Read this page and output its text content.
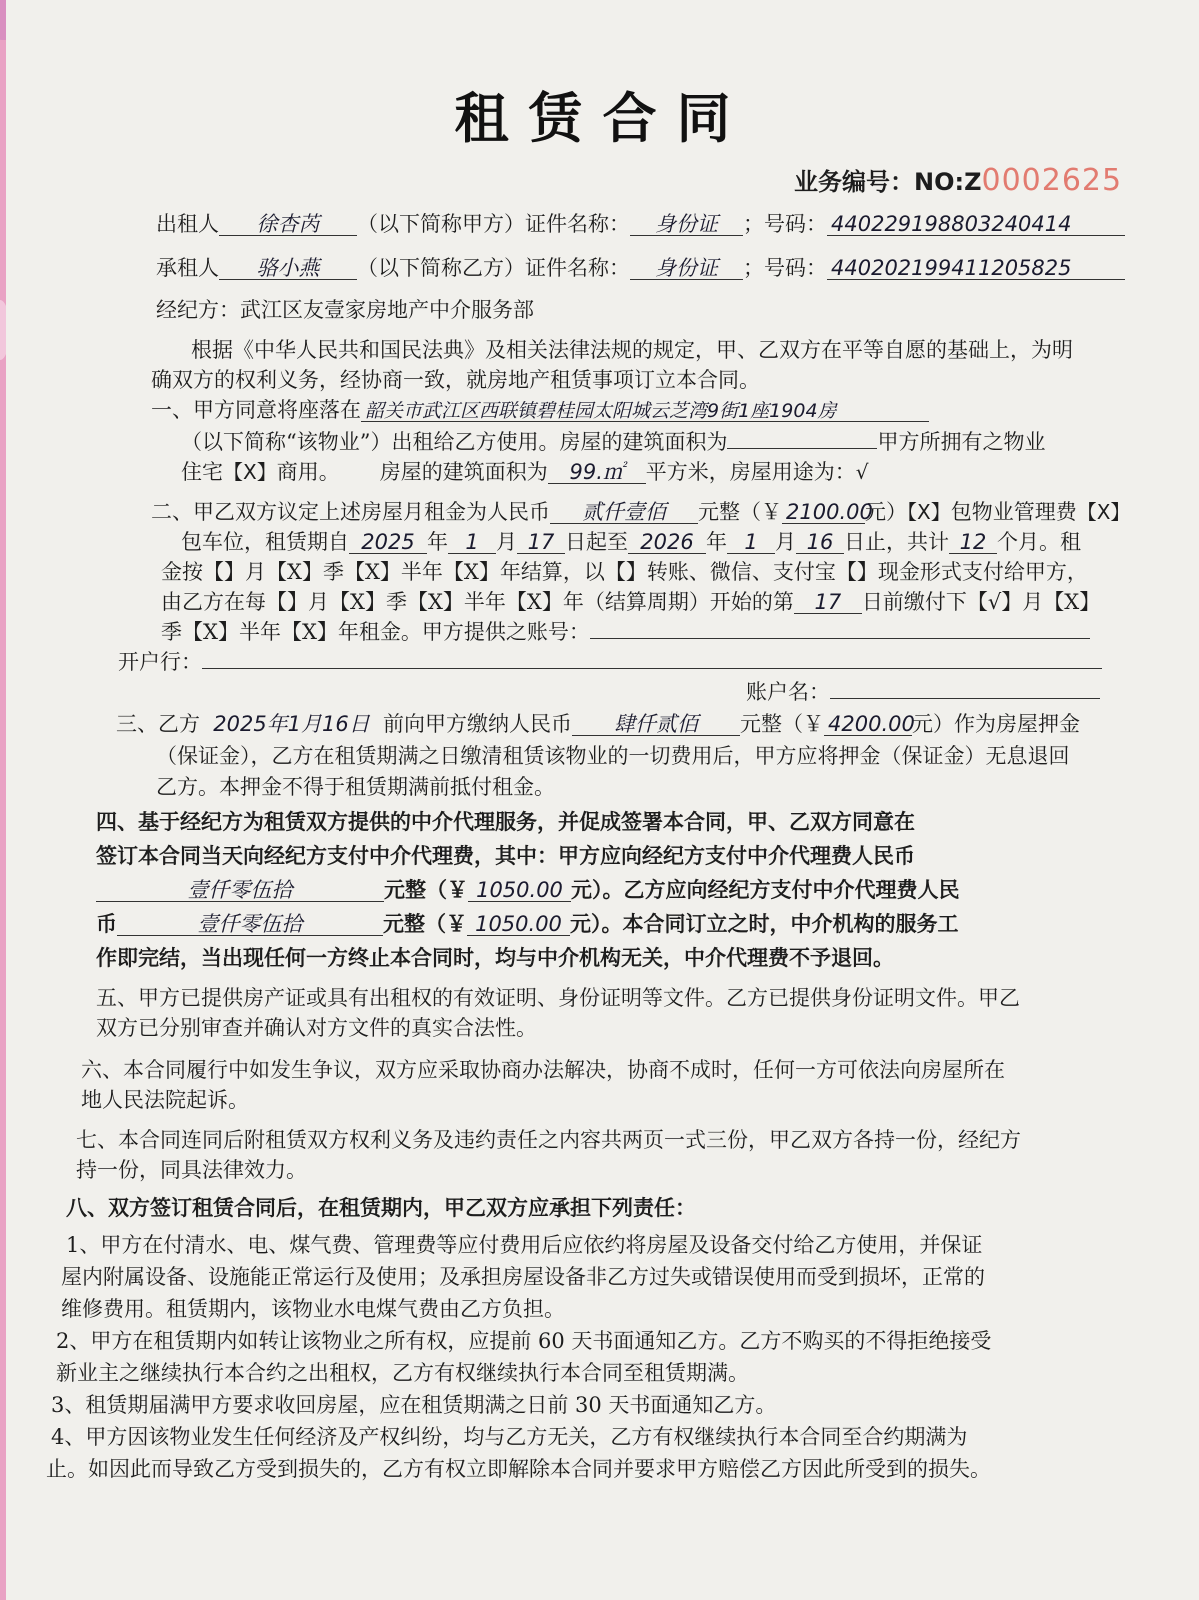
租赁合同
业务编号：NO:Z0002625
出租人 徐杏芮 （以下简称甲方）证件名称： 身份证 ；号码： 440229198803240414
承租人 骆小燕 （以下简称乙方）证件名称： 身份证 ；号码： 440202199411205825
经纪方：武江区友壹家房地产中介服务部
根据《中华人民共和国民法典》及相关法律法规的规定，甲、乙双方在平等自愿的基础上，为明
确双方的权利义务，经协商一致，就房地产租赁事项订立本合同。
一、甲方同意将座落在 韶关市武江区西联镇碧桂园太阳城云芝湾9街1座1904房
（以下简称“该物业”）出租给乙方使用。房屋的建筑面积为	甲方所拥有之物业
住宅【X】商用。 房屋的建筑面积为 99.㎡ 平方米，房屋用途为：√
二、甲乙双方议定上述房屋月租金为人民币 贰仟壹佰 元整（￥ 2100.00元）【X】包物业管理费【X】
包车位，租赁期自 2025 年 1 月 17 日起至 2026 年 1 月 16 日止，共计 12 个月。租
金按【】月【X】季【X】半年【X】年结算，以【】转账、微信、支付宝【】现金形式支付给甲方，
由乙方在每【】月【X】季【X】半年【X】年（结算周期）开始的第 17 日前缴付下【√】月【X】
季【X】半年【X】年租金。甲方提供之账号：
开户行：
账户名：
三、乙方 2025年1月16日 前向甲方缴纳人民币 肆仟贰佰 元整（￥ 4200.00元）作为房屋押金
（保证金），乙方在租赁期满之日缴清租赁该物业的一切费用后，甲方应将押金（保证金）无息退回
乙方。本押金不得于租赁期满前抵付租金。
四、基于经纪方为租赁双方提供的中介代理服务，并促成签署本合同，甲、乙双方同意在
签订本合同当天向经纪方支付中介代理费，其中：甲方应向经纪方支付中介代理费人民币
壹仟零伍拾	元整（￥ 1050.00 元）。乙方应向经纪方支付中介代理费人民
币	壹仟零伍拾	元整（￥ 1050.00 元）。本合同订立之时，中介机构的服务工
作即完结，当出现任何一方终止本合同时，均与中介机构无关，中介代理费不予退回。
五、甲方已提供房产证或具有出租权的有效证明、身份证明等文件。乙方已提供身份证明文件。甲乙
双方已分别审查并确认对方文件的真实合法性。
六、本合同履行中如发生争议，双方应采取协商办法解决，协商不成时，任何一方可依法向房屋所在
地人民法院起诉。
七、本合同连同后附租赁双方权利义务及违约责任之内容共两页一式三份，甲乙双方各持一份，经纪方
持一份，同具法律效力。
八、双方签订租赁合同后，在租赁期内，甲乙双方应承担下列责任：
1、甲方在付清水、电、煤气费、管理费等应付费用后应依约将房屋及设备交付给乙方使用，并保证
屋内附属设备、设施能正常运行及使用；及承担房屋设备非乙方过失或错误使用而受到损坏，正常的
维修费用。租赁期内，该物业水电煤气费由乙方负担。
2、甲方在租赁期内如转让该物业之所有权，应提前 60 天书面通知乙方。乙方不购买的不得拒绝接受
新业主之继续执行本合约之出租权，乙方有权继续执行本合同至租赁期满。
3、租赁期届满甲方要求收回房屋，应在租赁期满之日前 30 天书面通知乙方。
4、甲方因该物业发生任何经济及产权纠纷，均与乙方无关，乙方有权继续执行本合同至合约期满为
止。如因此而导致乙方受到损失的，乙方有权立即解除本合同并要求甲方赔偿乙方因此所受到的损失。
